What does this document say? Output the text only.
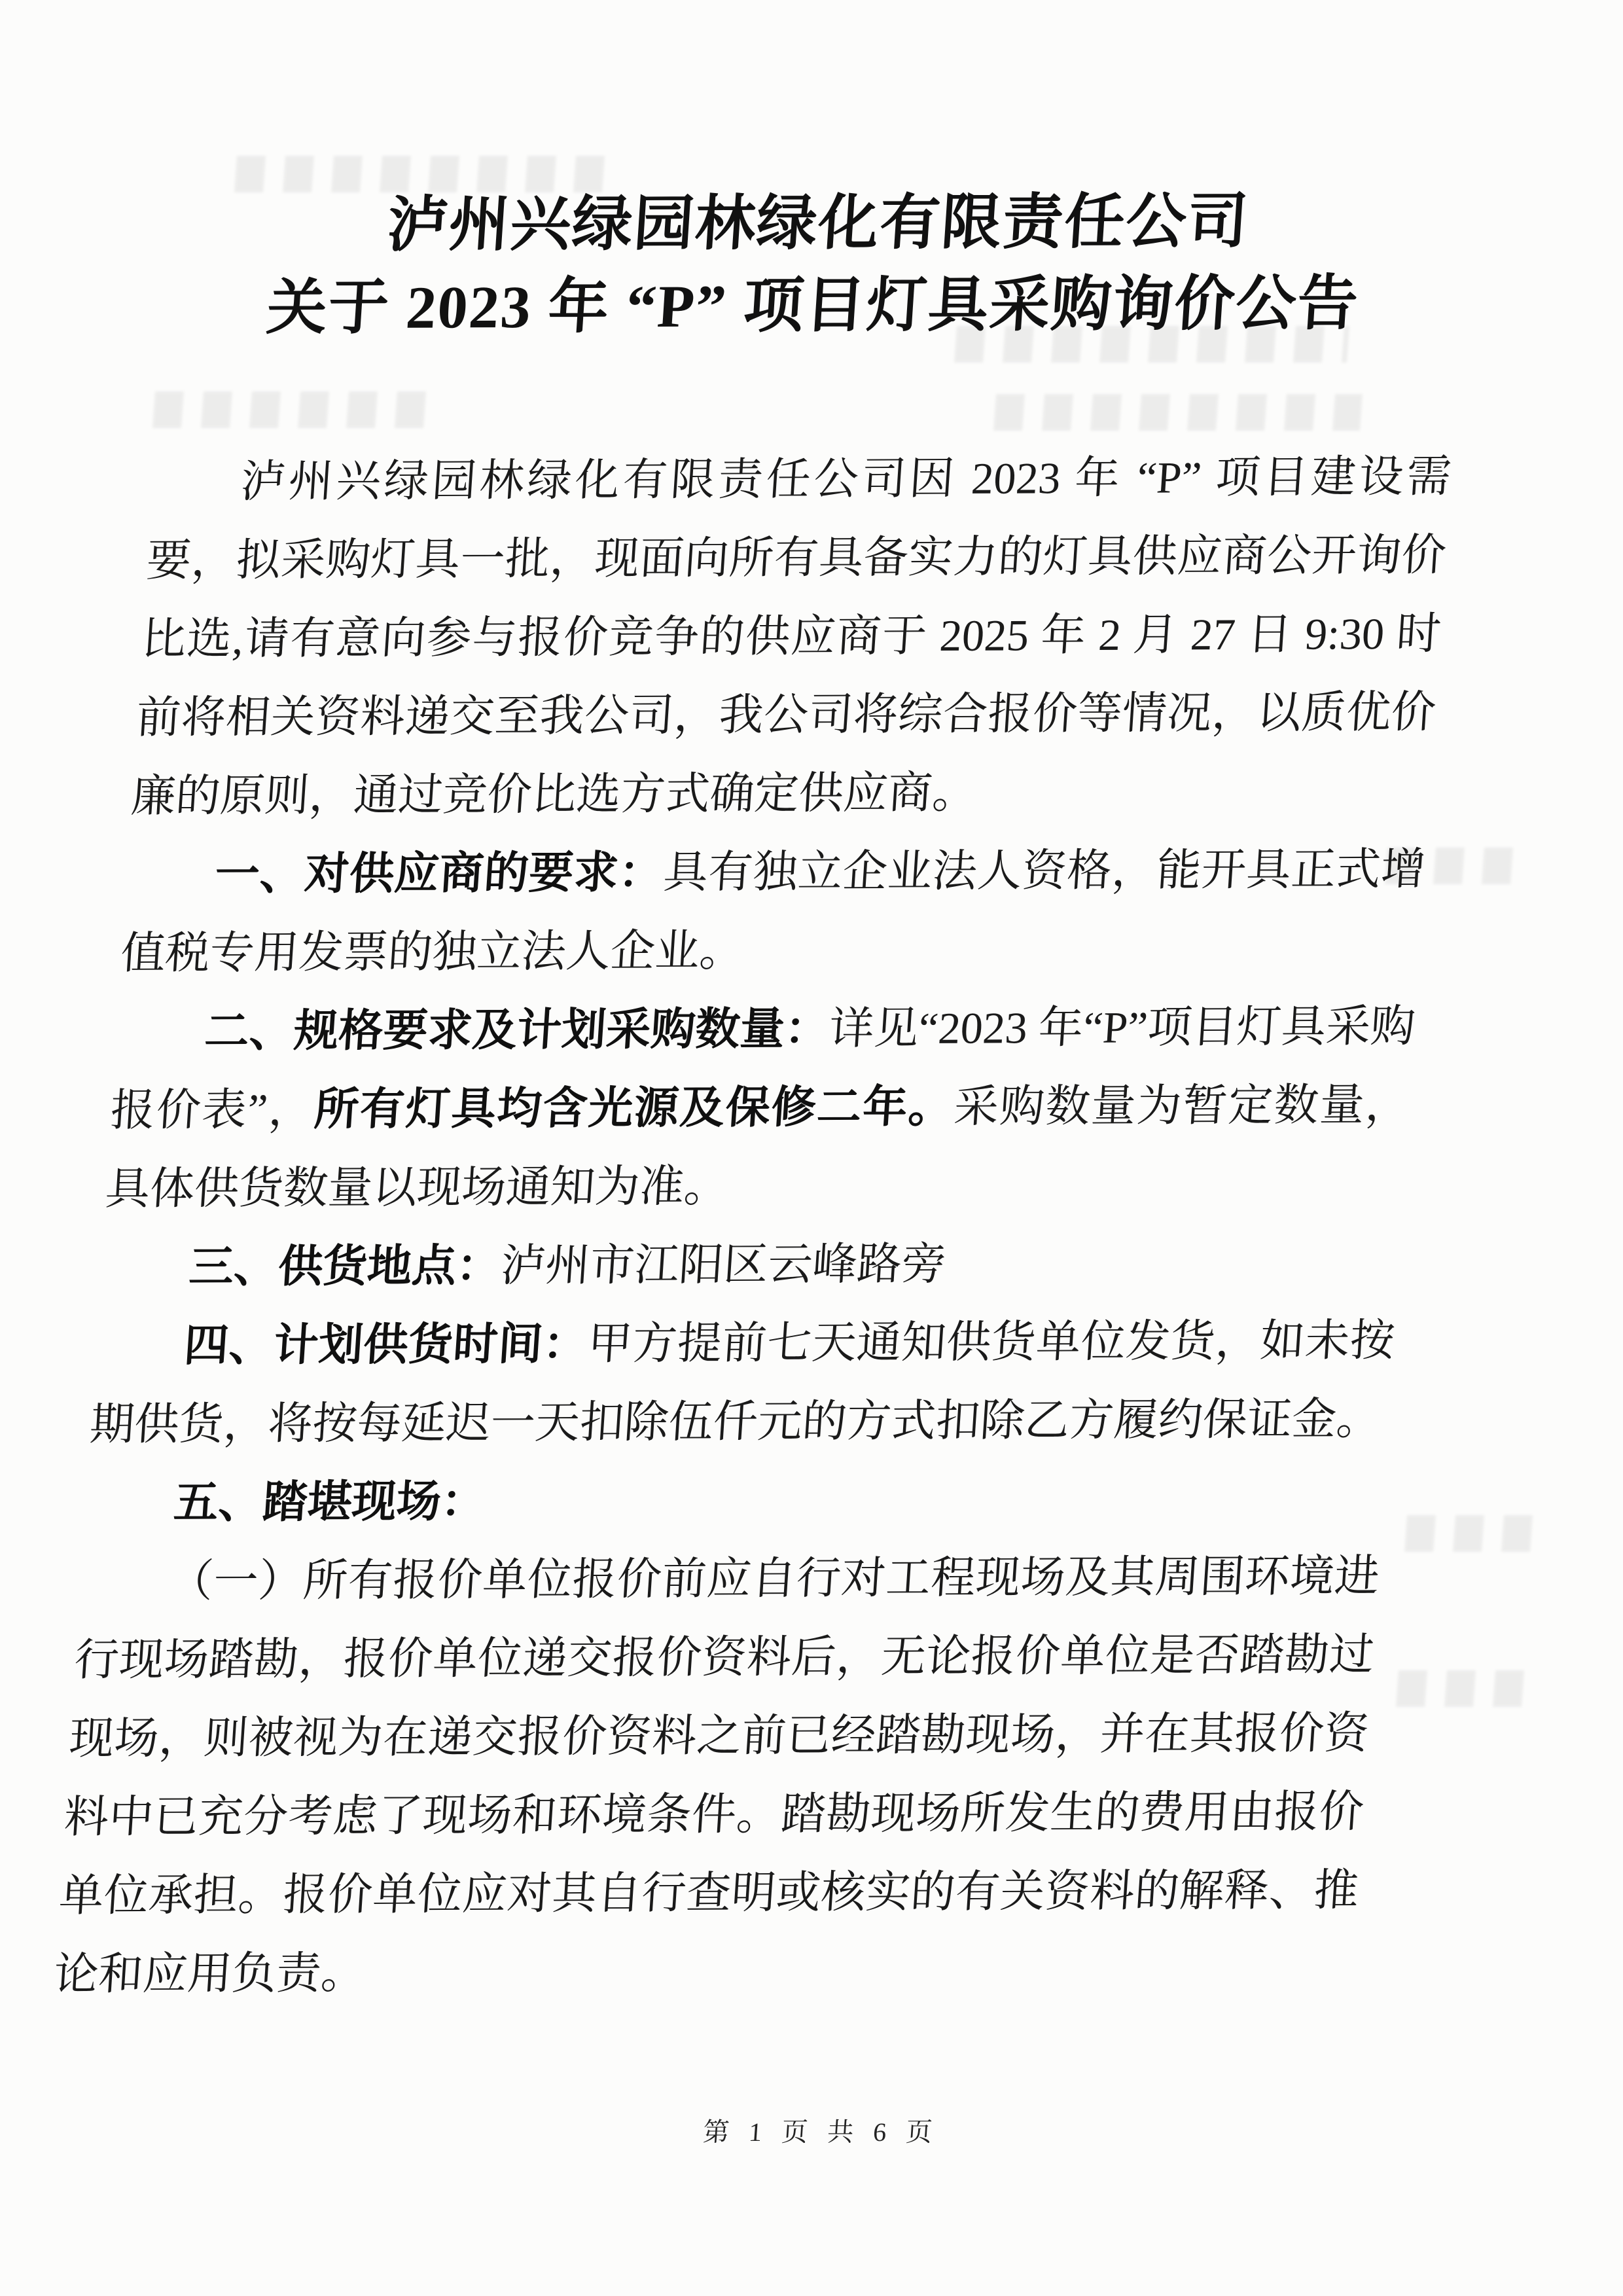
泸州兴绿园林绿化有限责任公司
关于 2023 年 “P” 项目灯具采购询价公告

泸州兴绿园林绿化有限责任公司因 2023 年 “P” 项目建设需要，拟采购灯具一批，现面向所有具备实力的灯具供应商公开询价比选,请有意向参与报价竞争的供应商于 2025 年 2 月 27 日 9:30 时前将相关资料递交至我公司，我公司将综合报价等情况，以质优价廉的原则，通过竞价比选方式确定供应商。

一、对供应商的要求：具有独立企业法人资格，能开具正式增值税专用发票的独立法人企业。

二、规格要求及计划采购数量：详见“2023 年“P”项目灯具采购报价表”，所有灯具均含光源及保修二年。采购数量为暂定数量，具体供货数量以现场通知为准。

三、供货地点：泸州市江阳区云峰路旁

四、计划供货时间：甲方提前七天通知供货单位发货，如未按期供货，将按每延迟一天扣除伍仟元的方式扣除乙方履约保证金。

五、踏堪现场：

（一）所有报价单位报价前应自行对工程现场及其周围环境进行现场踏勘，报价单位递交报价资料后，无论报价单位是否踏勘过现场，则被视为在递交报价资料之前已经踏勘现场，并在其报价资料中已充分考虑了现场和环境条件。踏勘现场所发生的费用由报价单位承担。报价单位应对其自行查明或核实的有关资料的解释、推论和应用负责。

第 1 页 共 6 页
